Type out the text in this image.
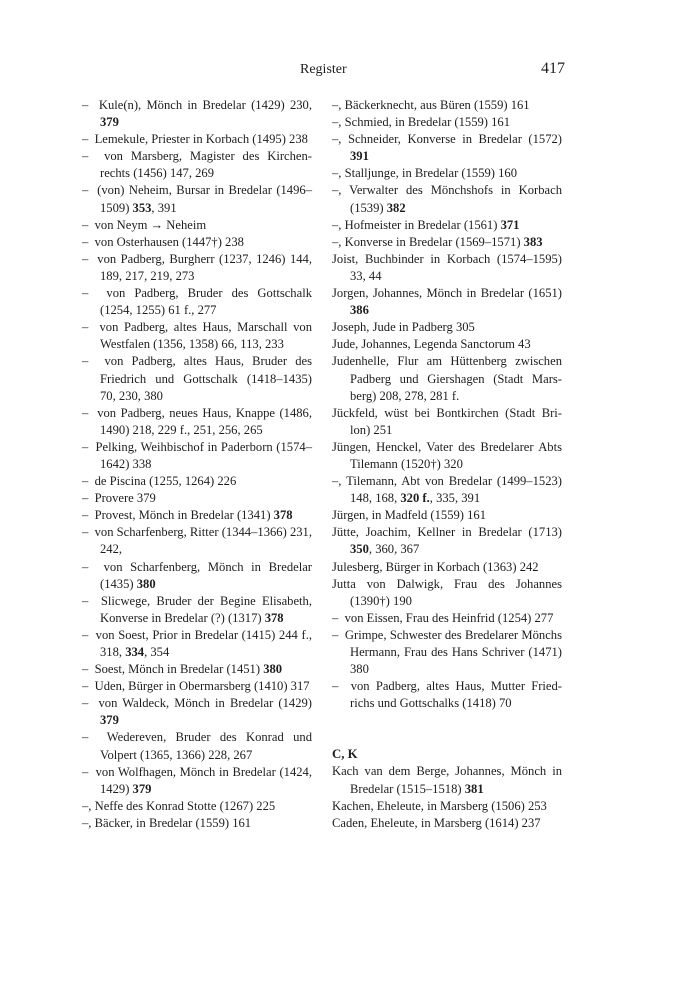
Register	417
–  Kule(n), Mönch in Bredelar (1429) 230, 379
–  Lemekule, Priester in Korbach (1495) 238
–  von Marsberg, Magister des Kirchen-rechts (1456) 147, 269
–  (von) Neheim, Bursar in Bredelar (1496–1509) 353, 391
–  von Neym → Neheim
–  von Osterhausen (1447†) 238
–  von Padberg, Burgherr (1237, 1246) 144, 189, 217, 219, 273
–  von Padberg, Bruder des Gottschalk (1254, 1255) 61 f., 277
–  von Padberg, altes Haus, Marschall von Westfalen (1356, 1358) 66, 113, 233
–  von Padberg, altes Haus, Bruder des Friedrich und Gottschalk (1418–1435) 70, 230, 380
–  von Padberg, neues Haus, Knappe (1486, 1490) 218, 229 f., 251, 256, 265
–  Pelking, Weihbischof in Paderborn (1574–1642) 338
–  de Piscina (1255, 1264) 226
–  Provere 379
–  Provest, Mönch in Bredelar (1341) 378
–  von Scharfenberg, Ritter (1344–1366) 231, 242,
–  von Scharfenberg, Mönch in Bredelar (1435) 380
–  Slicwege, Bruder der Begine Elisabeth, Konverse in Bredelar (?) (1317) 378
–  von Soest, Prior in Bredelar (1415) 244 f., 318, 334, 354
–  Soest, Mönch in Bredelar (1451) 380
–  Uden, Bürger in Obermarsberg (1410) 317
–  von Waldeck, Mönch in Bredelar (1429) 379
–  Wedereven, Bruder des Konrad und Volpert (1365, 1366) 228, 267
–  von Wolfhagen, Mönch in Bredelar (1424, 1429) 379
–, Neffe des Konrad Stotte (1267) 225
–, Bäcker, in Bredelar (1559) 161
–, Bäckerknecht, aus Büren (1559) 161
–, Schmied, in Bredelar (1559) 161
–, Schneider, Konverse in Bredelar (1572) 391
–, Stalljunge, in Bredelar (1559) 160
–, Verwalter des Mönchshofs in Korbach (1539) 382
–, Hofmeister in Bredelar (1561) 371
–, Konverse in Bredelar (1569–1571) 383
Joist, Buchbinder in Korbach (1574–1595) 33, 44
Jorgen, Johannes, Mönch in Bredelar (1651) 386
Joseph, Jude in Padberg 305
Jude, Johannes, Legenda Sanctorum 43
Judenhelle, Flur am Hüttenberg zwischen Padberg und Giershagen (Stadt Mars-berg) 208, 278, 281 f.
Jückfeld, wüst bei Bontkirchen (Stadt Bri-lon) 251
Jüngen, Henckel, Vater des Bredelarer Abts Tilemann (1520†) 320
–, Tilemann, Abt von Bredelar (1499–1523) 148, 168, 320 f., 335, 391
Jürgen, in Madfeld (1559) 161
Jütte, Joachim, Kellner in Bredelar (1713) 350, 360, 367
Julesberg, Bürger in Korbach (1363) 242
Jutta von Dalwigk, Frau des Johannes (1390†) 190
–  von Eissen, Frau des Heinfrid (1254) 277
–  Grimpe, Schwester des Bredelarer Mönchs Hermann, Frau des Hans Schriver (1471) 380
–  von Padberg, altes Haus, Mutter Fried-richs und Gottschalks (1418) 70
C, K
Kach van dem Berge, Johannes, Mönch in Bredelar (1515–1518) 381
Kachen, Eheleute, in Marsberg (1506) 253
Caden, Eheleute, in Marsberg (1614) 237
